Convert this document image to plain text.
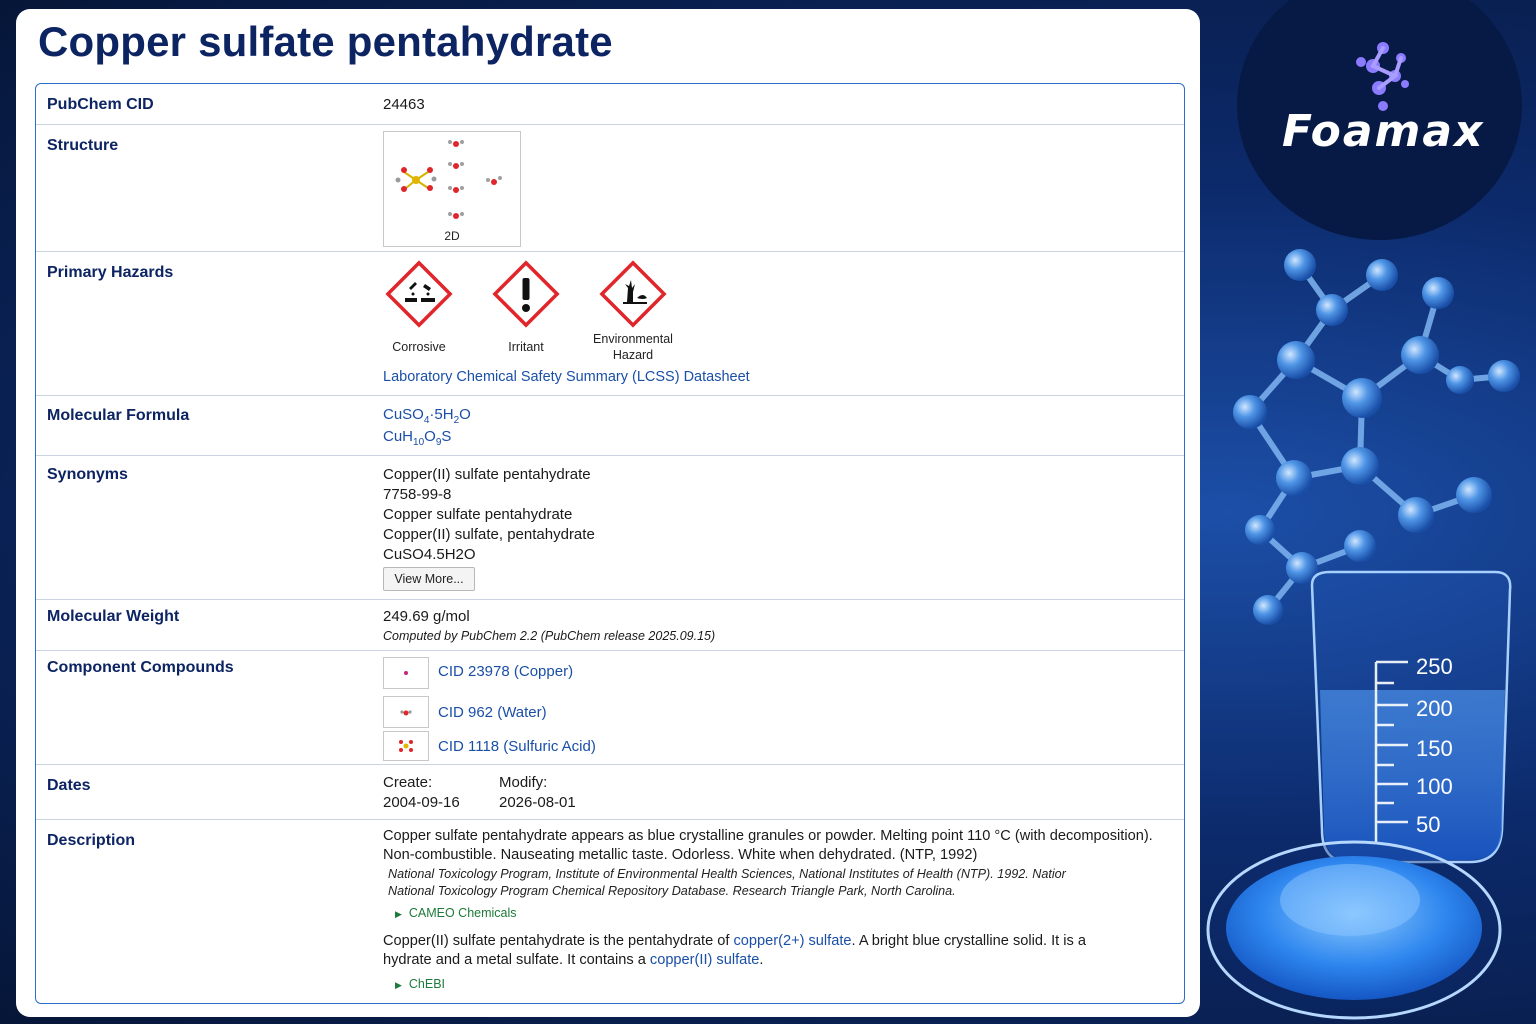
250
200
150
100
50
Foamax
Copper sulfate pentahydrate
PubChem CID	24463
Structure
2D
Primary Hazards
Corrosive	Irritant
Environmental
Hazard
Laboratory Chemical Safety Summary (LCSS) Datasheet
Molecular Formula	$CuSO_4\cdot 5H_2O$
$CuH_{10}O_9S$
Synonyms	Copper(II) sulfate pentahydrate
7758-99-8
Copper sulfate pentahydrate
Copper(II) sulfate, pentahydrate
CuSO4.5H2O
View More...
Molecular Weight	249.69 g/mol
Computed by PubChem 2.2 (PubChem release 2025.09.15)
Component Compounds	CID 23978 (Copper)
CID 962 (Water)
CID 1118 (Sulfuric Acid)
Dates	Create:
2004-09-16
Modify:
2026-08-01
Description	Copper sulfate pentahydrate appears as blue crystalline granules or powder. Melting point 110 °C (with decomposition).
Non-combustible. Nauseating metallic taste. Odorless. White when dehydrated. (NTP, 1992)
National Toxicology Program, Institute of Environmental Health Sciences, National Institutes of Health (NTP). 1992. Natior
National Toxicology Program Chemical Repository Database. Research Triangle Park, North Carolina.
▶ CAMEO Chemicals
Copper(II) sulfate pentahydrate is the pentahydrate of copper(2+) sulfate. A bright blue crystalline solid. It is a
hydrate and a metal sulfate. It contains a copper(II) sulfate.
▶ ChEBI
